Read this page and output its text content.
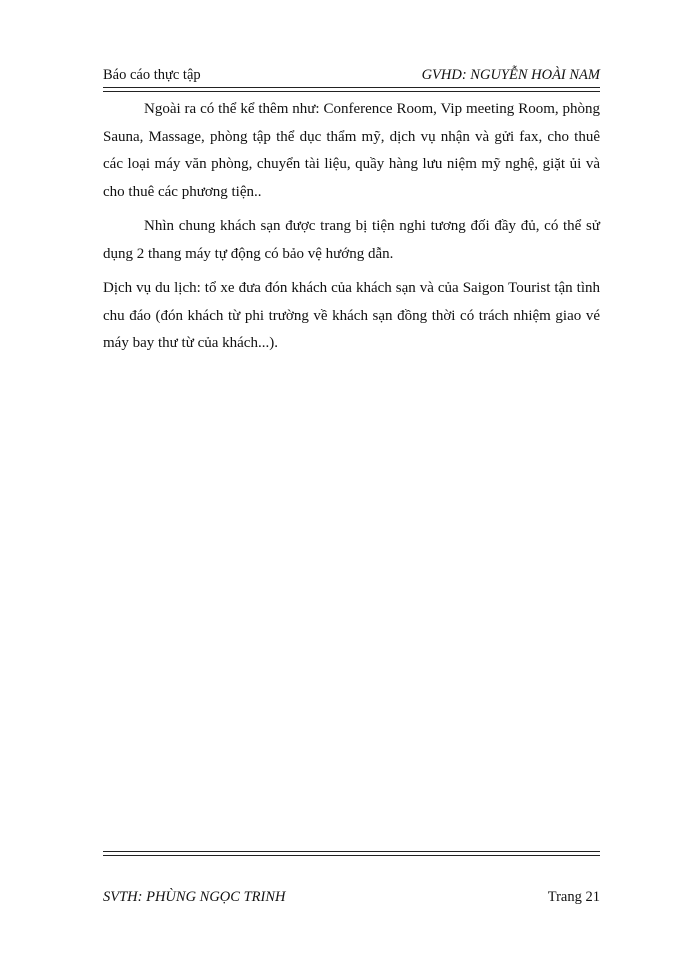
Báo cáo thực tập	GVHD: NGUYỄN HOÀI NAM

Ngoài ra có thể kể thêm như: Conference Room, Vip meeting Room, phòng Sauna, Massage, phòng tập thể dục thẩm mỹ, dịch vụ nhận và gửi fax, cho thuê các loại máy văn phòng, chuyển tài liệu, quầy hàng lưu niệm mỹ nghệ, giặt ủi và cho thuê các phương tiện..

Nhìn chung khách sạn được trang bị tiện nghi tương đối đầy đủ, có thể sử dụng 2 thang máy tự động có bảo vệ hướng dẫn.

Dịch vụ du lịch: tổ xe đưa đón khách của khách sạn và của Saigon Tourist tận tình chu đáo (đón khách từ phi trường về khách sạn đồng thời có trách nhiệm giao vé máy bay thư từ của khách...).

SVTH: PHÙNG NGỌC TRINH	Trang 21
